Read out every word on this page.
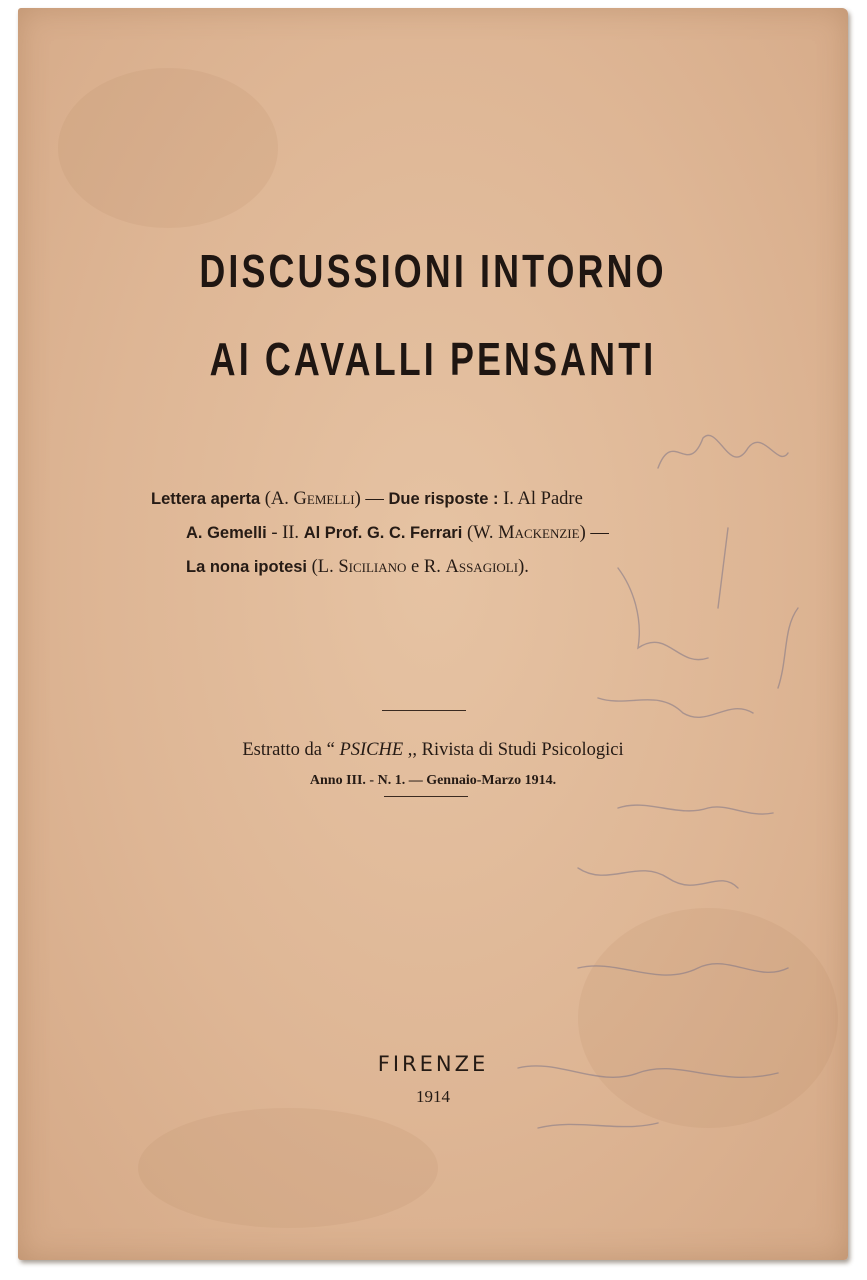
DISCUSSIONI INTORNO
AI CAVALLI PENSANTI
Lettera aperta (A. Gemelli) — Due risposte : I. Al Padre
A. Gemelli - II. Al Prof. G. C. Ferrari (W. Mackenzie) —
La nona ipotesi (L. Siciliano e R. Assagioli).
Estratto da “ PSICHE ,, Rivista di Studi Psicologici
Anno III. - N. 1. — Gennaio-Marzo 1914.
FIRENZE
1914
